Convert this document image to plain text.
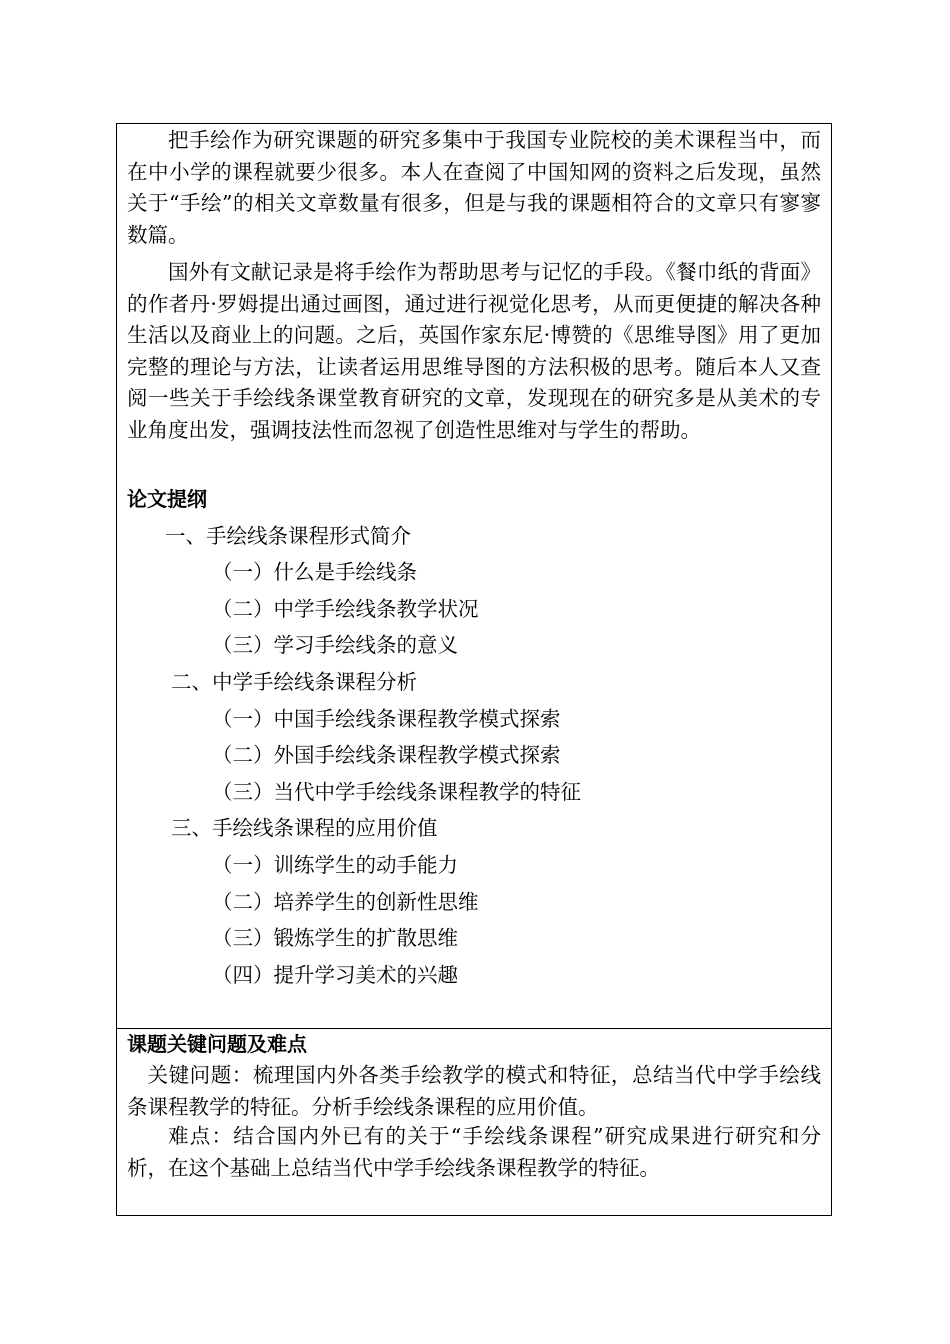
把手绘作为研究课题的研究多集中于我国专业院校的美术课程当中，而在中小学的课程就要少很多。本人在查阅了中国知网的资料之后发现，虽然关于“手绘”的相关文章数量有很多，但是与我的课题相符合的文章只有寥寥数篇。

国外有文献记录是将手绘作为帮助思考与记忆的手段。《餐巾纸的背面》的作者丹·罗姆提出通过画图，通过进行视觉化思考，从而更便捷的解决各种生活以及商业上的问题。之后，英国作家东尼·博赞的《思维导图》用了更加完整的理论与方法，让读者运用思维导图的方法积极的思考。随后本人又查阅一些关于手绘线条课堂教育研究的文章，发现现在的研究多是从美术的专业角度出发，强调技法性而忽视了创造性思维对与学生的帮助。

论文提纲

一、手绘线条课程形式简介

（一）什么是手绘线条

（二）中学手绘线条教学状况

（三）学习手绘线条的意义

二、中学手绘线条课程分析

（一）中国手绘线条课程教学模式探索

（二）外国手绘线条课程教学模式探索

（三）当代中学手绘线条课程教学的特征

三、手绘线条课程的应用价值

（一）训练学生的动手能力

（二）培养学生的创新性思维

（三）锻炼学生的扩散思维

（四）提升学习美术的兴趣

课题关键问题及难点

关键问题：梳理国内外各类手绘教学的模式和特征，总结当代中学手绘线条课程教学的特征。分析手绘线条课程的应用价值。

难点：结合国内外已有的关于“手绘线条课程”研究成果进行研究和分析，在这个基础上总结当代中学手绘线条课程教学的特征。
